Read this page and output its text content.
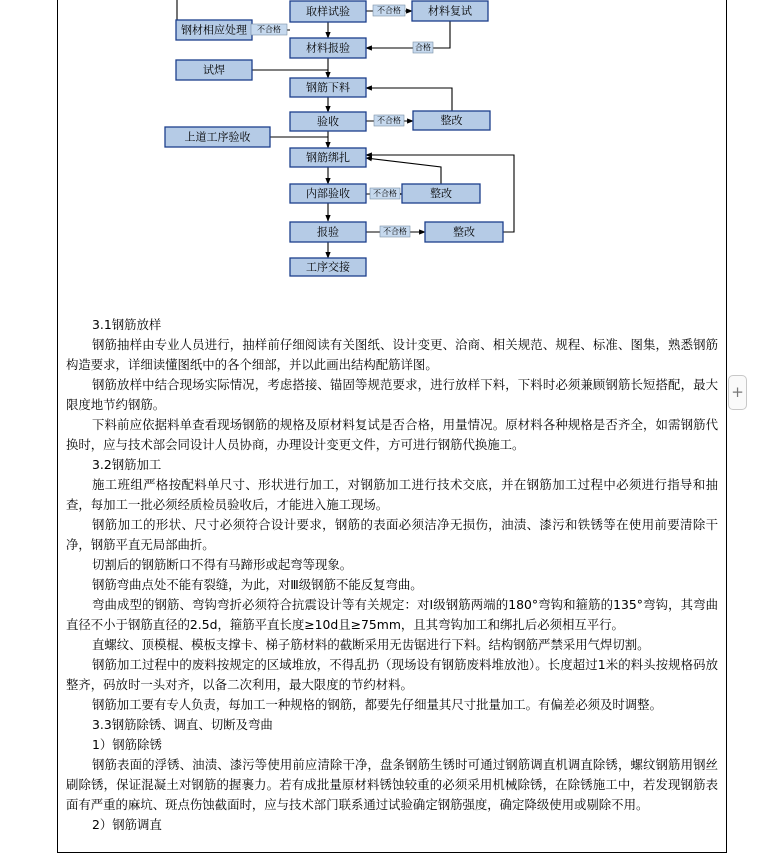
钢材相应处理
取样试验	材料复试
材料报验
试焊
钢筋下料
验收	整改
上道工序验收
钢筋绑扎
内部验收	整改
报验	整改
工序交接
不合格
不合格
合格
不合格
不合格
不合格

3.1钢筋放样

钢筋抽样由专业人员进行，抽样前仔细阅读有关图纸、设计变更、洽商、相关规范、规程、标准、图集，熟悉钢筋构造要求，详细读懂图纸中的各个细部，并以此画出结构配筋详图。

钢筋放样中结合现场实际情况，考虑搭接、锚固等规范要求，进行放样下料，下料时必须兼顾钢筋长短搭配，最大限度地节约钢筋。

下料前应依据料单查看现场钢筋的规格及原材料复试是否合格，用量情况。原材料各种规格是否齐全，如需钢筋代换时，应与技术部会同设计人员协商，办理设计变更文件，方可进行钢筋代换施工。

3.2钢筋加工

施工班组严格按配料单尺寸、形状进行加工，对钢筋加工进行技术交底，并在钢筋加工过程中必须进行指导和抽查，每加工一批必须经质检员验收后，才能进入施工现场。

钢筋加工的形状、尺寸必须符合设计要求，钢筋的表面必须洁净无损伤，油渍、漆污和铁锈等在使用前要清除干净，钢筋平直无局部曲折。

切割后的钢筋断口不得有马蹄形或起弯等现象。

钢筋弯曲点处不能有裂缝，为此，对Ⅲ级钢筋不能反复弯曲。

弯曲成型的钢筋、弯钩弯折必须符合抗震设计等有关规定：对Ⅰ级钢筋两端的180°弯钩和箍筋的135°弯钩，其弯曲直径不小于钢筋直径的2.5d，箍筋平直长度≥10d且≥75mm，且其弯钩加工和绑扎后必须相互平行。

直螺纹、顶模棍、模板支撑卡、梯子筋材料的截断采用无齿锯进行下料。结构钢筋严禁采用气焊切割。

钢筋加工过程中的废料按规定的区域堆放，不得乱扔（现场设有钢筋废料堆放池）。长度超过1米的料头按规格码放整齐，码放时一头对齐，以备二次利用，最大限度的节约材料。

钢筋加工要有专人负责，每加工一种规格的钢筋，都要先仔细量其尺寸批量加工。有偏差必须及时调整。

3.3钢筋除锈、调直、切断及弯曲

1）钢筋除锈

钢筋表面的浮锈、油渍、漆污等使用前应清除干净，盘条钢筋生锈时可通过钢筋调直机调直除锈，螺纹钢筋用钢丝刷除锈，保证混凝土对钢筋的握裹力。若有成批量原材料锈蚀较重的必须采用机械除锈，在除锈施工中，若发现钢筋表面有严重的麻坑、斑点伤蚀截面时，应与技术部门联系通过试验确定钢筋强度，确定降级使用或剔除不用。

2）钢筋调直

+
